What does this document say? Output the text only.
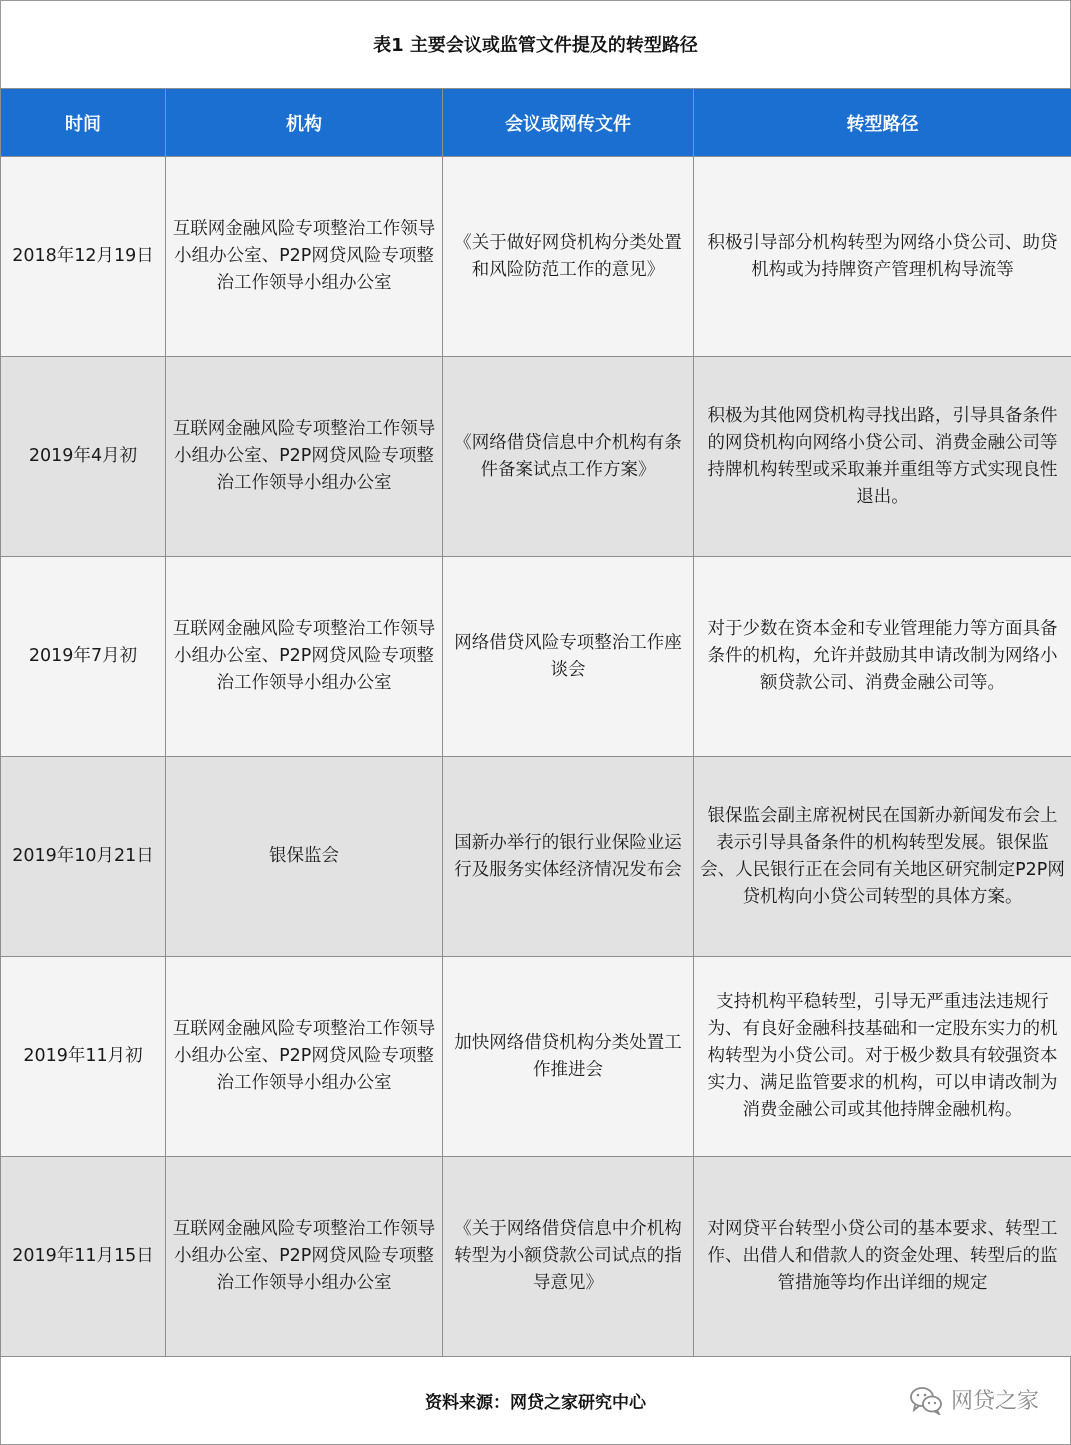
表1 主要会议或监管文件提及的转型路径
时间	机构	会议或网传文件	转型路径
2018年12月19日	互联网金融风险专项整治工作领导小组办公室、P2P网贷风险专项整治工作领导小组办公室	《关于做好网贷机构分类处置和风险防范工作的意见》	积极引导部分机构转型为网络小贷公司、助贷机构或为持牌资产管理机构导流等
2019年4月初	互联网金融风险专项整治工作领导小组办公室、P2P网贷风险专项整治工作领导小组办公室	《网络借贷信息中介机构有条件备案试点工作方案》	积极为其他网贷机构寻找出路，引导具备条件的网贷机构向网络小贷公司、消费金融公司等持牌机构转型或采取兼并重组等方式实现良性退出。
2019年7月初	互联网金融风险专项整治工作领导小组办公室、P2P网贷风险专项整治工作领导小组办公室	网络借贷风险专项整治工作座谈会	对于少数在资本金和专业管理能力等方面具备条件的机构，允许并鼓励其申请改制为网络小额贷款公司、消费金融公司等。
2019年10月21日	银保监会	国新办举行的银行业保险业运行及服务实体经济情况发布会	银保监会副主席祝树民在国新办新闻发布会上表示引导具备条件的机构转型发展。银保监会、人民银行正在会同有关地区研究制定P2P网贷机构向小贷公司转型的具体方案。
2019年11月初	互联网金融风险专项整治工作领导小组办公室、P2P网贷风险专项整治工作领导小组办公室	加快网络借贷机构分类处置工作推进会	支持机构平稳转型，引导无严重违法违规行为、有良好金融科技基础和一定股东实力的机构转型为小贷公司。对于极少数具有较强资本实力、满足监管要求的机构，可以申请改制为消费金融公司或其他持牌金融机构。
2019年11月15日	互联网金融风险专项整治工作领导小组办公室、P2P网贷风险专项整治工作领导小组办公室	《关于网络借贷信息中介机构转型为小额贷款公司试点的指导意见》	对网贷平台转型小贷公司的基本要求、转型工作、出借人和借款人的资金处理、转型后的监管措施等均作出详细的规定
资料来源：网贷之家研究中心	网贷之家
